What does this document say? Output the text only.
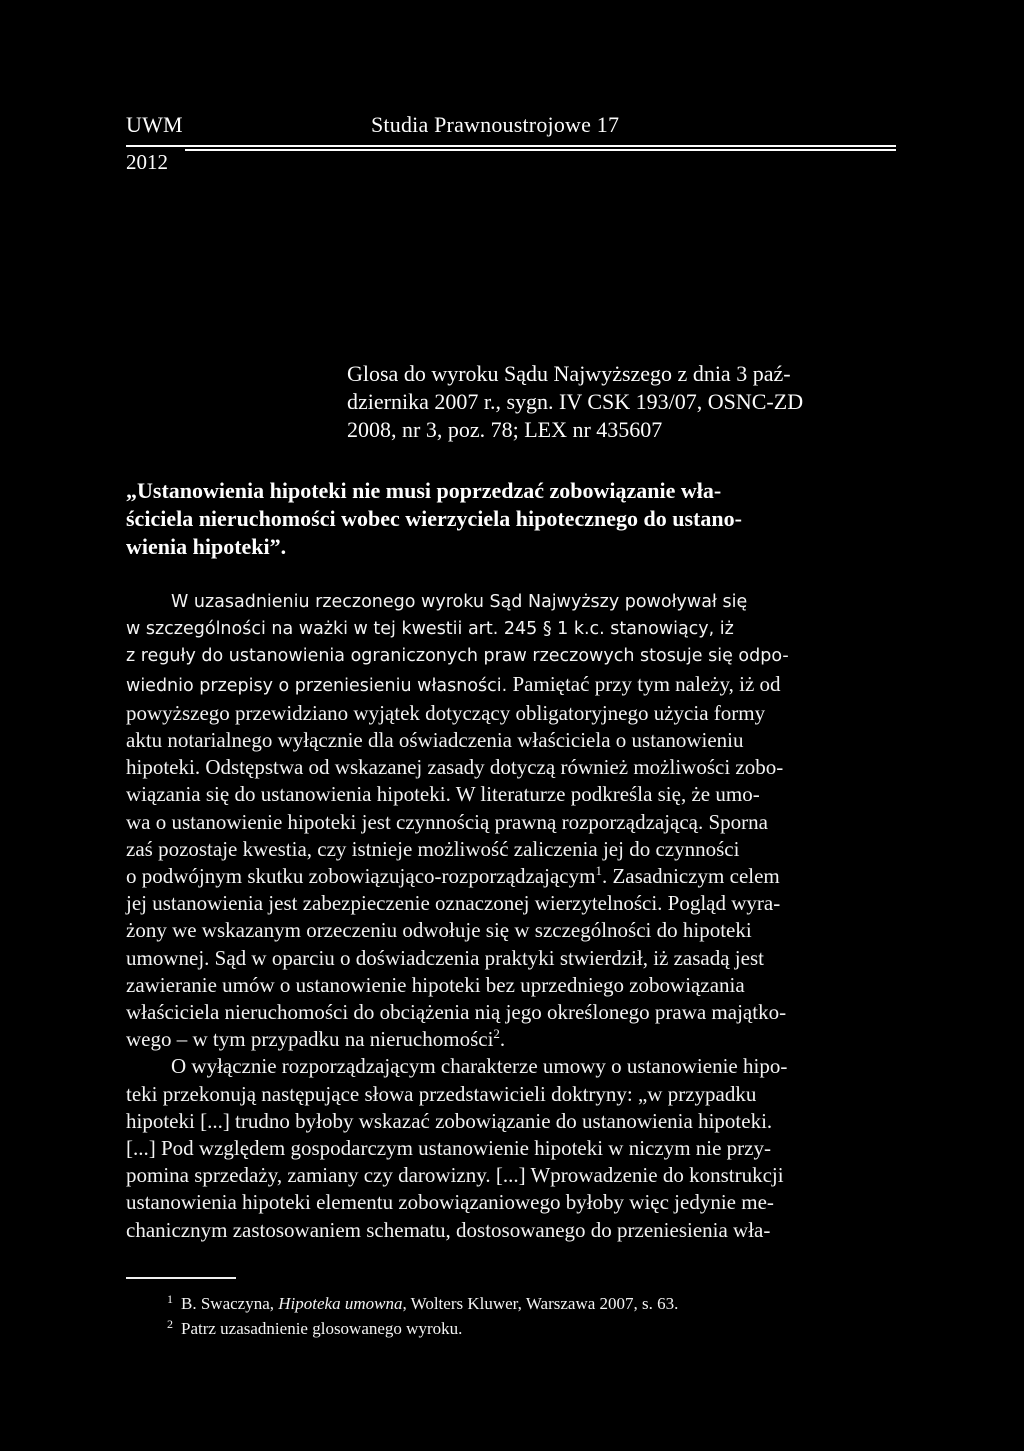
UWM	Studia Prawnoustrojowe 17
2012
Glosa do wyroku Sądu Najwyższego z dnia 3 paź-
dziernika 2007 r., sygn. IV CSK 193/07, OSNC-ZD
2008, nr 3, poz. 78; LEX nr 435607
„Ustanowienia hipoteki nie musi poprzedzać zobowiązanie wła-
ściciela nieruchomości wobec wierzyciela hipotecznego do ustano-
wienia hipoteki”.
W uzasadnieniu rzeczonego wyroku Sąd Najwyższy powoływał się
w szczególności na ważki w tej kwestii art. 245 § 1 k.c. stanowiący, iż
z reguły do ustanowienia ograniczonych praw rzeczowych stosuje się odpo-
wiednio przepisy o przeniesieniu własności. Pamiętać przy tym należy, iż od
powyższego przewidziano wyjątek dotyczący obligatoryjnego użycia formy
aktu notarialnego wyłącznie dla oświadczenia właściciela o ustanowieniu
hipoteki. Odstępstwa od wskazanej zasady dotyczą również możliwości zobo-
wiązania się do ustanowienia hipoteki. W literaturze podkreśla się, że umo-
wa o ustanowienie hipoteki jest czynnością prawną rozporządzającą. Sporna
zaś pozostaje kwestia, czy istnieje możliwość zaliczenia jej do czynności
o podwójnym skutku zobowiązująco-rozporządzającym$^1$. Zasadniczym celem
jej ustanowienia jest zabezpieczenie oznaczonej wierzytelności. Pogląd wyra-
żony we wskazanym orzeczeniu odwołuje się w szczególności do hipoteki
umownej. Sąd w oparciu o doświadczenia praktyki stwierdził, iż zasadą jest
zawieranie umów o ustanowienie hipoteki bez uprzedniego zobowiązania
właściciela nieruchomości do obciążenia nią jego określonego prawa majątko-
wego – w tym przypadku na nieruchomości$^2$.
O wyłącznie rozporządzającym charakterze umowy o ustanowienie hipo-
teki przekonują następujące słowa przedstawicieli doktryny: „w przypadku
hipoteki [...] trudno byłoby wskazać zobowiązanie do ustanowienia hipoteki.
[...] Pod względem gospodarczym ustanowienie hipoteki w niczym nie przy-
pomina sprzedaży, zamiany czy darowizny. [...] Wprowadzenie do konstrukcji
ustanowienia hipoteki elementu zobowiązaniowego byłoby więc jedynie me-
chanicznym zastosowaniem schematu, dostosowanego do przeniesienia wła-
$^1$ B. Swaczyna, Hipoteka umowna, Wolters Kluwer, Warszawa 2007, s. 63.
$^2$ Patrz uzasadnienie glosowanego wyroku.
